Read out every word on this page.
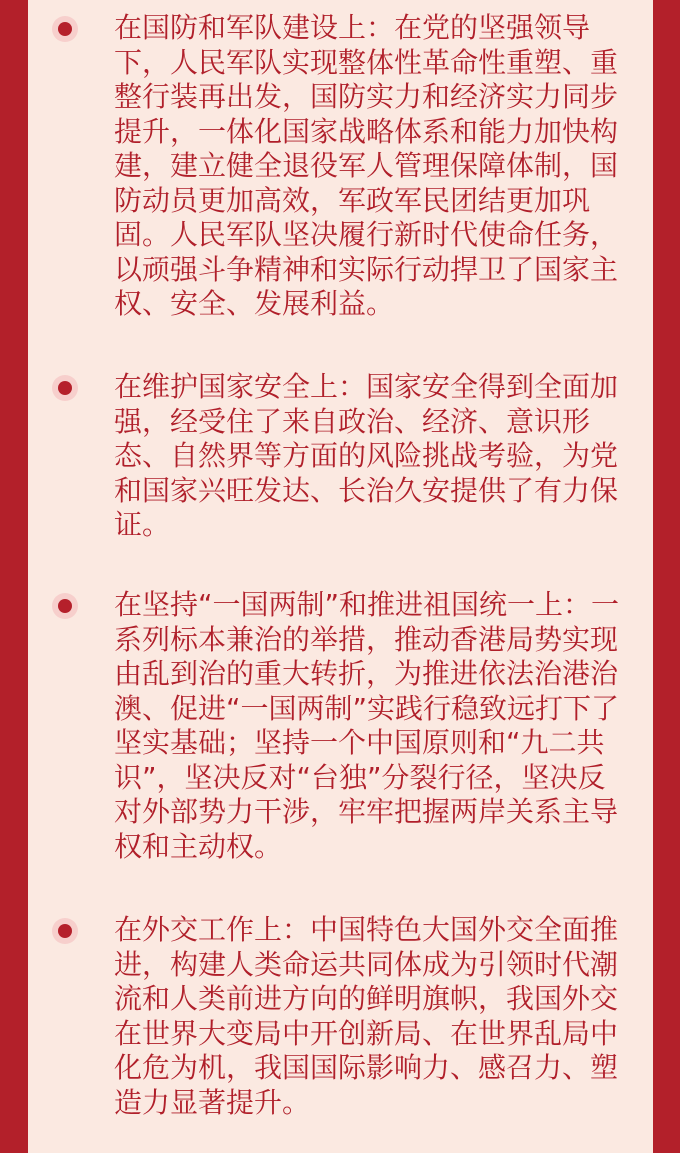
在国防和军队建设上：在党的坚强领导下，人民军队实现整体性革命性重塑、重整行装再出发，国防实力和经济实力同步提升，一体化国家战略体系和能力加快构建，建立健全退役军人管理保障体制，国防动员更加高效，军政军民团结更加巩固。人民军队坚决履行新时代使命任务，以顽强斗争精神和实际行动捍卫了国家主权、安全、发展利益。

在维护国家安全上：国家安全得到全面加强，经受住了来自政治、经济、意识形态、自然界等方面的风险挑战考验，为党和国家兴旺发达、长治久安提供了有力保证。

在坚持“一国两制”和推进祖国统一上：一系列标本兼治的举措，推动香港局势实现由乱到治的重大转折，为推进依法治港治澳、促进“一国两制”实践行稳致远打下了坚实基础；坚持一个中国原则和“九二共识”，坚决反对“台独”分裂行径，坚决反对外部势力干涉，牢牢把握两岸关系主导权和主动权。

在外交工作上：中国特色大国外交全面推进，构建人类命运共同体成为引领时代潮流和人类前进方向的鲜明旗帜，我国外交在世界大变局中开创新局、在世界乱局中化危为机，我国国际影响力、感召力、塑造力显著提升。
